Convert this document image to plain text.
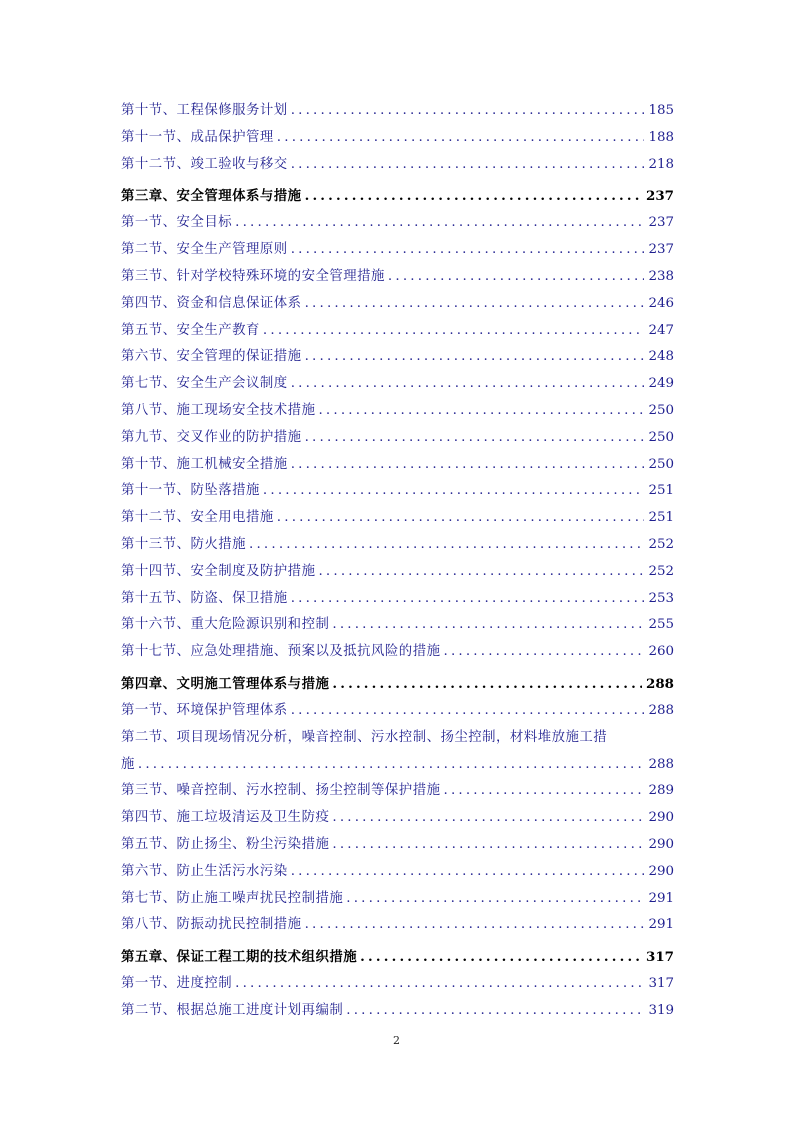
第十节、工程保修服务计划 .....	185
第十一节、成品保护管理 .....	188
第十二节、竣工验收与移交 .....	218
第三章、安全管理体系与措施 .....	237
第一节、安全目标 .....	237
第二节、安全生产管理原则 .....	237
第三节、针对学校特殊环境的安全管理措施 .....	238
第四节、资金和信息保证体系 .....	246
第五节、安全生产教育 .....	247
第六节、安全管理的保证措施 .....	248
第七节、安全生产会议制度 .....	249
第八节、施工现场安全技术措施 .....	250
第九节、交叉作业的防护措施 .....	250
第十节、施工机械安全措施 .....	250
第十一节、防坠落措施 .....	251
第十二节、安全用电措施 .....	251
第十三节、防火措施 .....	252
第十四节、安全制度及防护措施 .....	252
第十五节、防盗、保卫措施 .....	253
第十六节、重大危险源识别和控制 .....	255
第十七节、应急处理措施、预案以及抵抗风险的措施 .....	260
第四章、文明施工管理体系与措施 .....	288
第一节、环境保护管理体系 .....	288
第二节、项目现场情况分析，噪音控制、污水控制、扬尘控制，材料堆放施工措
施 .....	288
第三节、噪音控制、污水控制、扬尘控制等保护措施 .....	289
第四节、施工垃圾清运及卫生防疫 .....	290
第五节、防止扬尘、粉尘污染措施 .....	290
第六节、防止生活污水污染 .....	290
第七节、防止施工噪声扰民控制措施 .....	291
第八节、防振动扰民控制措施 .....	291
第五章、保证工程工期的技术组织措施 .....	317
第一节、进度控制 .....	317
第二节、根据总施工进度计划再编制 .....	319
2
